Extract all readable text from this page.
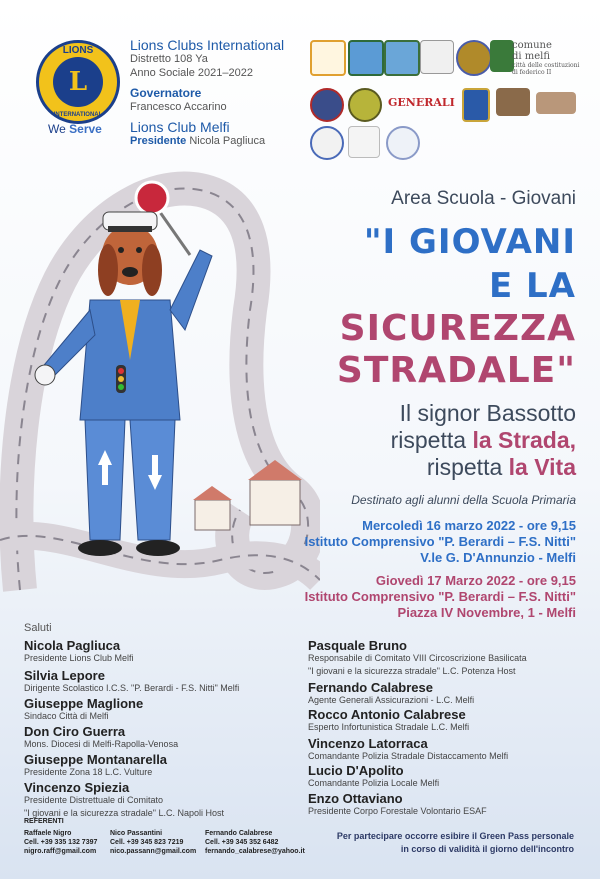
L
LIONS
INTERNATIONAL
We Serve
Lions Clubs International
Distretto 108 Ya
Anno Sociale 2021–2022
Governatore
Francesco Accarino
Lions Club Melfi
Presidente Nicola Pagliuca
GENERALI
comune
di melfi
città delle costituzioni di federico II
Area Scuola - Giovani
"I GIOVANI
E LA
SICUREZZA
STRADALE"
Il signor Bassotto
rispetta la Strada,
rispetta la Vita
Destinato agli alunni della Scuola Primaria
Mercoledì 16 marzo 2022 - ore 9,15
Istituto Comprensivo "P. Berardi – F.S. Nitti"
V.le G. D'Annunzio - Melfi
Giovedì 17 Marzo 2022 - ore 9,15
Istituto Comprensivo "P. Berardi – F.S. Nitti"
Piazza IV Novembre, 1 - Melfi
Saluti
Nicola Pagliuca
Presidente Lions Club Melfi
Silvia Lepore
Dirigente Scolastico I.C.S. "P. Berardi - F.S. Nitti" Melfi
Giuseppe Maglione
Sindaco Città di Melfi
Don Ciro Guerra
Mons. Diocesi di Melfi-Rapolla-Venosa
Giuseppe Montanarella
Presidente Zona 18 L.C. Vulture
Vincenzo Spiezia
Presidente Distrettuale di Comitato
"I giovani e la sicurezza stradale" L.C. Napoli Host
Pasquale Bruno
Responsabile di Comitato VIII Circoscrizione Basilicata
"I giovani e la sicurezza stradale" L.C. Potenza Host
Fernando Calabrese
Agente Generali Assicurazioni - L.C. Melfi
Rocco Antonio Calabrese
Esperto Infortunistica Stradale L.C. Melfi
Vincenzo Latorraca
Comandante Polizia Stradale Distaccamento Melfi
Lucio D'Apolito
Comandante Polizia Locale Melfi
Enzo Ottaviano
Presidente Corpo Forestale Volontario ESAF
REFERENTI
Raffaele Nigro
Cell. +39 335 132 7397
nigro.raff@gmail.com
Nico Passantini
Cell. +39 345 823 7219
nico.passann@gmail.com
Fernando Calabrese
Cell. +39 345 352 6482
fernando_calabrese@yahoo.it
Per partecipare occorre esibire il Green Pass personale
in corso di validità il giorno dell'incontro
